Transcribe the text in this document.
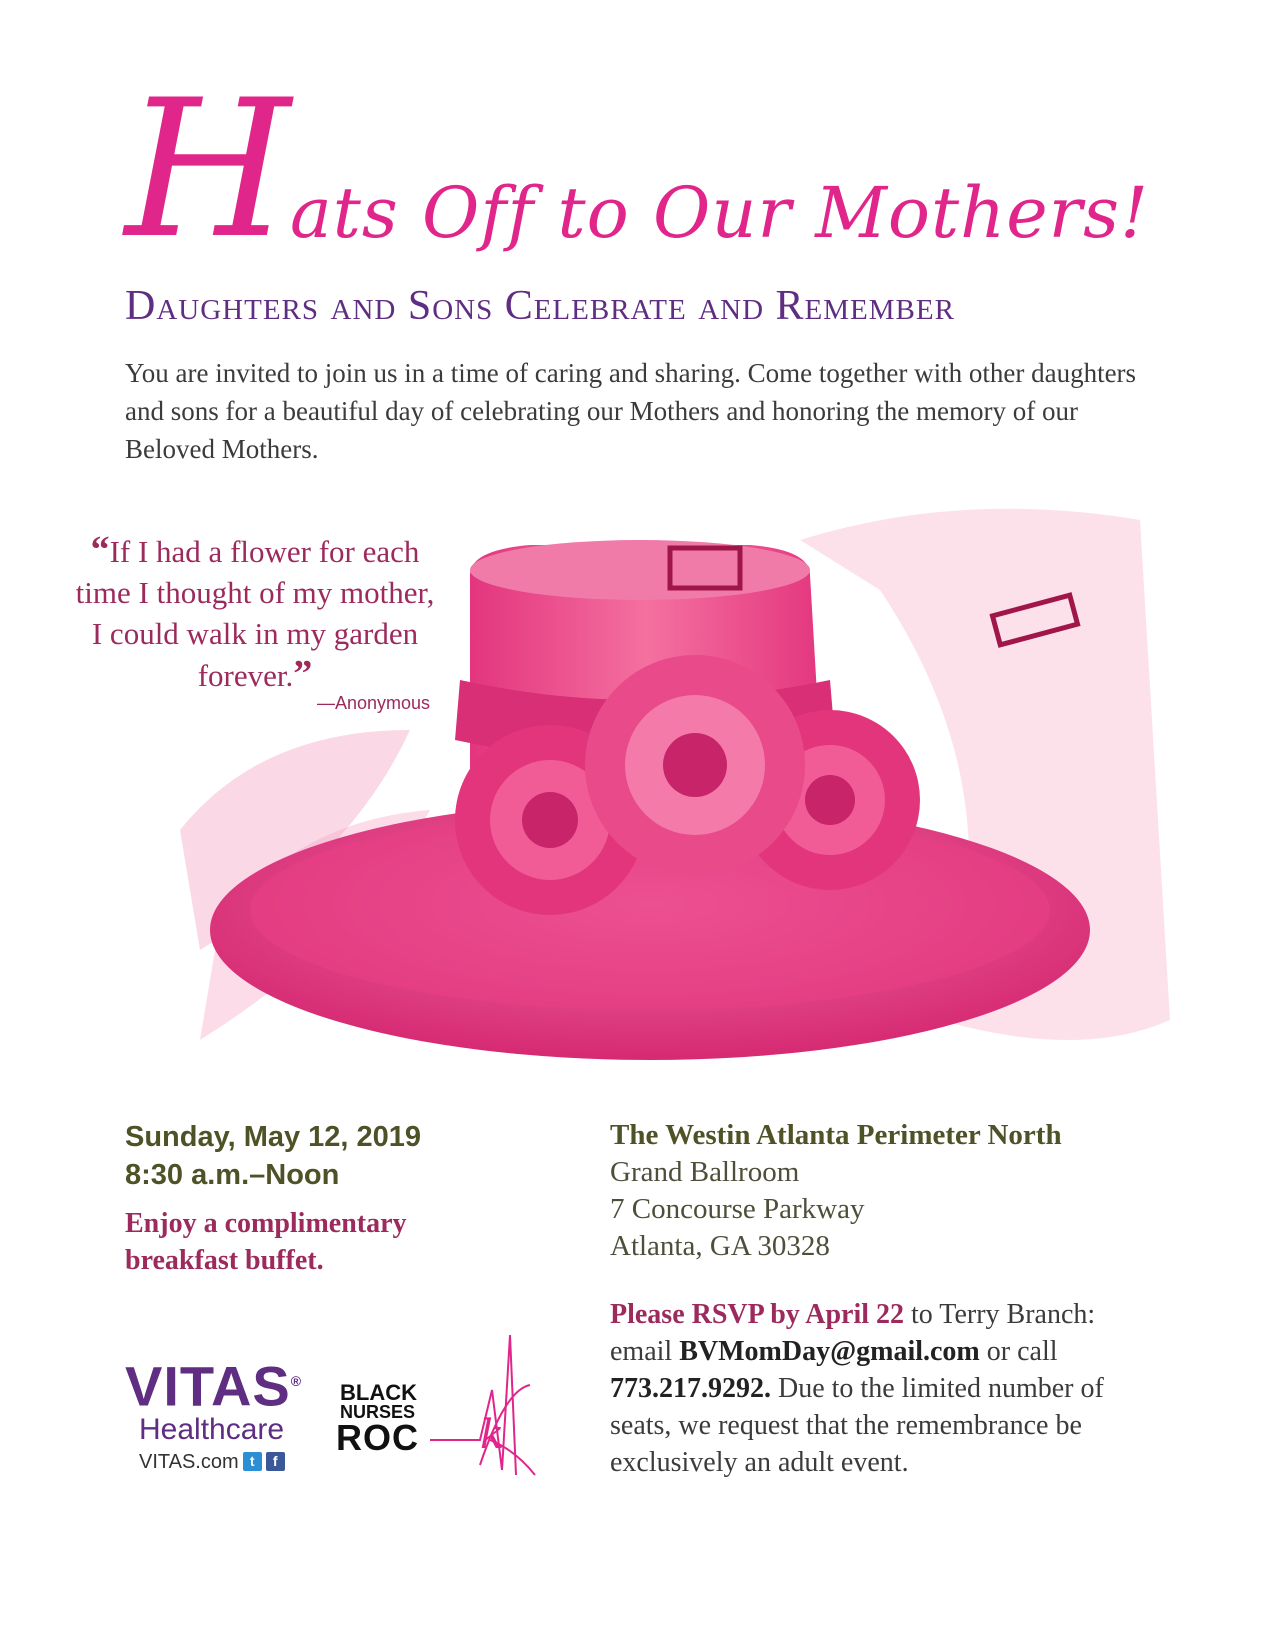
H ats Off to Our Mothers!
Daughters and Sons Celebrate and Remember
You are invited to join us in a time of caring and sharing. Come together with other daughters and sons for a beautiful day of celebrating our Mothers and honoring the memory of our Beloved Mothers.
“If I had a flower for each time I thought of my mother, I could walk in my garden forever.”
—Anonymous
Sunday, May 12, 2019
8:30 a.m.–Noon
Enjoy a complimentary breakfast buffet.
The Westin Atlanta Perimeter North
Grand Ballroom
7 Concourse Parkway
Atlanta, GA 30328
Please RSVP by April 22 to Terry Branch: email BVMomDay@gmail.com or call 773.217.9292. Due to the limited number of seats, we request that the remembrance be exclusively an adult event.
VITAS®
Healthcare
VITAS.com t	f
BLACK
NURSES
ROC k
